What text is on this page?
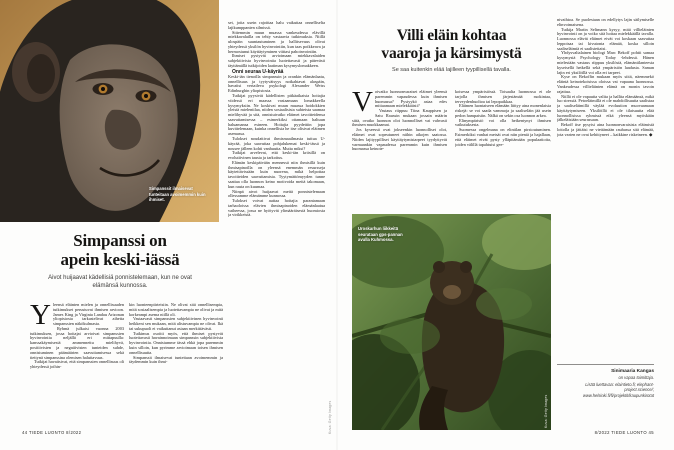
Simpanssit ilmaisevat tunteitaan avoimemmin kuin ihmiset.
Simpanssi on
apein keski-iässä
Aivot huijaavat kädellisiä ponnistelemaan, kun ne ovat elämänsä kunnossa.

Yleensä eläinten mielen ja onnellisuuden tutkimukset perustuvat ihmisen arvioon. James King ja Virginia Landau Arizonan yliopistosta tarkastelivat aihetta simpanssien näkökulmasta.

Ryhmä julkaisi vuonna 2003 tutkimuksen, jossa hoitajat arvioivat simpanssien hyvinvointia neljällä eri mittapuulla: kanssakäymisestä ammennettu mielihyvä, positiivisten ja negatiivisten tunteiden suhde, onnistuminen päämäärien saavuttamisessa sekä tiettynä simpanssina olemisen haluttavuus.

Tutkijat havaitsivat, että simpanssien onnellisuus oli yhteydessä joihin-

kin luonteenpiirteisiin. Ne olivat sitä onnellisempia, mitä sosiaalisempia ja luotettavampia ne olivat ja mitä korkeampi asema niillä oli.

Vastaavasti simpanssien subjektiivinen hyvinvointi heikkeni sen mukaan, mitä alistuvampia ne olivat. Ikä tai sukupuoli ei vaikuttanut asiaan merkittävästi.

Tutkimus osoitti myös, että ihmiset pystyvät luotettavasti havainnoimaan simpanssin subjektiivista hyvinvointia. Onnistumme tässä ehkä jopa paremmin kuin silloin, kun pyrimme arvioimaan toisen ihmisen onnellisuutta.

Simpanssit ilmaisevat tunteitaan avoimemmin ja täydemmin kuin ihmi-

set, joita usein rajoittaa halu vaikuttaa onnelliselta lajikumppanien silmissä.

Sittemmin muun muassa vankeudessa elävillä miekkavalailla on tehty vastaavia tutkimuksia. Niillä ulospäin suuntautuminen ja hallitsevuus olivat yhteydessä yksilön hyvinvointiin, kun taas poikkeava ja hermostunut käyttäytyminen viittasi pahoinvointiin.

Ihmiset pystyvät arvioimaan miekkavalaiden subjektiivista hyvinvointia luotettavasti ja pätevästi täyttämällä tutkijoiden laatiman kysymyslomakkeen.

Onni seuraa U-käyrää

Keski-iän tienoilla simpanssin ja orankin elämänlaatu, onnellisuus ja tyytyväisyys notkahtavat alaspäin, havaitsi vertaileva psykologi Alexander Weiss Edinburghin yliopistosta.

Tutkijat pyysivät kädellisten pitkäaikaisia hoitajia viidessä eri maassa vastaamaan lomakkeella kysymyksiin. Ne koskivat muun muassa hoidokkien yleistä mielentilaa, niiden sosiaalisista suhteista saamaa mielihyvää ja sitä, onnistuivatko eläimet tavoitteidensa saavuttamisessa – esimerkiksi ottamaan haltuun haluamansa esineen. Hoitajia pyydettiin jopa kuvittelemaan, kuinka onnellisia he itse olisivat eläimen asemassa.

Tulokset noudattivat ihmismaailmasta tuttua U-käyrää, joka saavuttaa pohjalukemat keski-iässä ja nousee jälleen kohti vanhuutta. Mutta miksi?

Tutkijat arvelevat, että keski-iän kriisillä on evolutiivinen tausta ja tarkoitus.

Elämän keskipäivään mennessä niin ihmisillä kuin ihmisapinoilla on yleensä enemmän resursseja käytettävissään kuin nuorena, mikä helpottaa tavoitteiden saavuttamista. Tyytymättömyyden tunne saattaa olla luonnon keino motivoida meitä takomaan, kun rauta on kuumaa.

Niinpä aivot huijaavat meitä ponnistelemaan ollessamme elämämme kunnossa.

Tulokset voivat auttaa hoitajia parantamaan tarhaoloissa elävien ihmisapinoiden elämänlaatua vaiheessa, jossa ne hyötyvät ylimääräisestä huomiosta ja virikkeistä.

Kuva: Getty Images
44 TIEDE LUONTO 8/2022
Villi eläin kohtaa
vaaroja ja kärsimystä
Se saa kuitenkin elää lajilleen tyypillisellä tavalla.

Voivatko luonnonvaraiset eläimet yleensä paremmin vapaudessa kuin ihmisen huomassa? Pystyykö asiaa edes mittaamaan mielekkäästi?

Vastaus riippuu Tiina Kauppisen ja Satu Raussin mukaan jossain määrin siitä, ovatko luonnon olot luonnolliset vai vahvasti ihmisen muokkaamat.

Jos kyseessä ovat jokseenkin luonnolliset olot, eläimet ovat sopeutuneet niihin aikojen saatossa. Niiden lajityypilliset käyttäytymistarpeet tyydyttyvät varmaankin vapaudessa paremmin kuin ihmisen huomassa keinote-

koisessa ympäristössä. Toisaalta luonnossa ei ole tarjolla ihmisen järjestämää ruokintaa, terveydenhuoltoa tai lepopaikkaa.

Eläimen luontaiseen elämään liittyy aina monenlaisia riskejä: se voi saada vammoja ja saaliseläin jää usein pedon hampaisiin. Nälkä on sekin osa luonnon arkea.

Elinympäristö voi olla heikentynyt ihmisen vaikutuksesta.

Suomessa ongelmana on elintilan pirstoutuminen. Esimerkiksi vanhat metsät ovat niin pieniä ja hajallaan, että eläimet eivät pysty ylläpitämään populaatioita, joiden välillä tapahtuisi gee-

nivaihtoa. Se puolestaan on edellytys lajin säilymiselle elinvoimaisena.

Tutkija Martin Seltmann kysyy, mitä villieläinten hyvinvointi on ja voiko sitä hoitaa mielekkäällä tavalla. Luonnossa elävät eläimet eivät voi koskaan saavuttaa leppoisaa tai kivutonta elämää, koska silloin saaliseläimiä ei saalistettaisi.

Yhdysvaltalainen biologi Marc Bekoff pohtii samaa kysymystä Psychology Today -lehdessä. Hänen mielestään vastaus riippuu yksilöstä, elämäntilanteesta kyseisellä hetkellä sekä ympäristön laadusta. Saman lajin eri yksilöillä voi olla eri tarpeet.

Kyse on Bekoffin mukaan myös siitä, näemmekö eläintä keinotekoisissa oloissa vai vapaana luonnossa. Vankeudessa villieläinten elämä on monin tavoin rajattua.

Niillä ei ole vapautta valita ja hallita elämäänsä, mikä luo stressiä. Petoeläimillä ei ole mahdollisuutta saalistaa ja saaliseläimillä väylää evoluution muovaamaan käyttäytymiseen. Yksilöillä ei ole tilaisuutta elää luonnollisissa ryhmissä eikä yleensä myöskään jälkeläisiään seurassaan.

Bekoff itse pysyisi aina luonnonvaraisista eläimistä loitolla ja jättäisi ne viettämään rauhassa sitä elämää, jota varten ne ovat kehittyneet – kaikkine riskeineen. ◆

Uroskarhun liikkeitä seurataan gps-pannan avulla Kuhmossa.
Kuva: Getty Images
Sinimaaria Kangas
on vapaa toimittaja.
Lisää luettavaa: elaintieto.fi; elephant-project.science/; www.helsinki.fi/fi/projektit/kaupunkirotat
8/2022 TIEDE LUONTO 45
